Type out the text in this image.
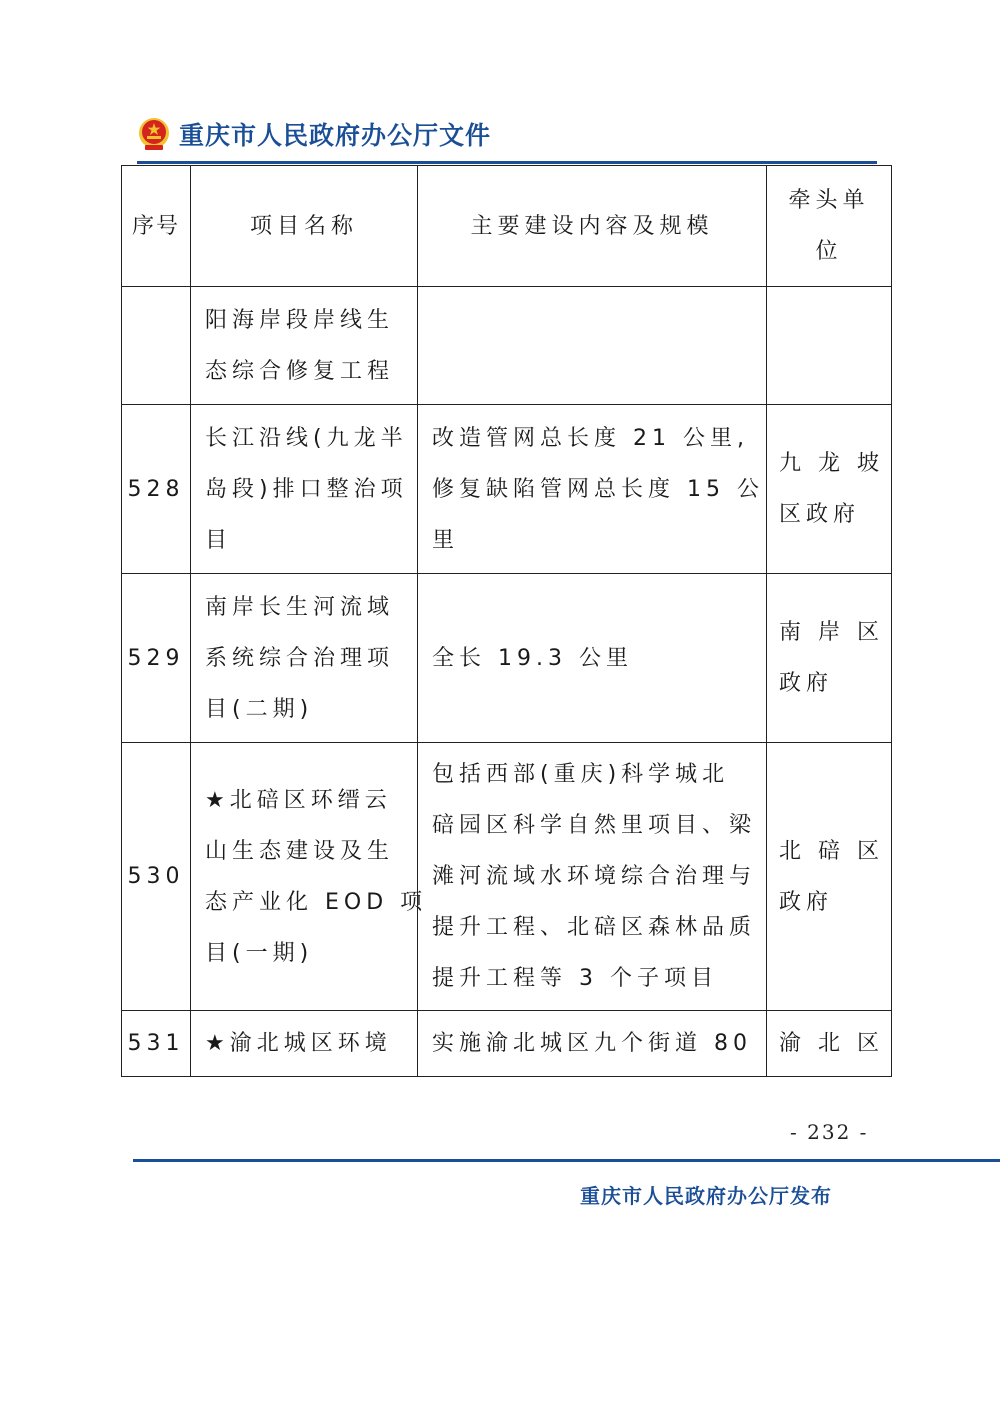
重庆市人民政府办公厅文件
序号	项目名称	主要建设内容及规模	牵头单
位

	阳海岸段岸线生
态综合修复工程		

528	长江沿线(九龙半
岛段)排口整治项
目	改造管网总长度 21 公里,
修复缺陷管网总长度 15 公
里	九 龙 坡
区政府

529	南岸长生河流域
系统综合治理项
目(二期)	全长 19.3 公里	南 岸 区
政府

530	★北碚区环缙云
山生态建设及生
态产业化 EOD 项
目(一期)	包括西部(重庆)科学城北
碚园区科学自然里项目、梁
滩河流域水环境综合治理与
提升工程、北碚区森林品质
提升工程等 3 个子项目	北 碚 区
政府

531	★渝北城区环境	实施渝北城区九个街道 80	渝 北 区
- 232 -
重庆市人民政府办公厅发布
